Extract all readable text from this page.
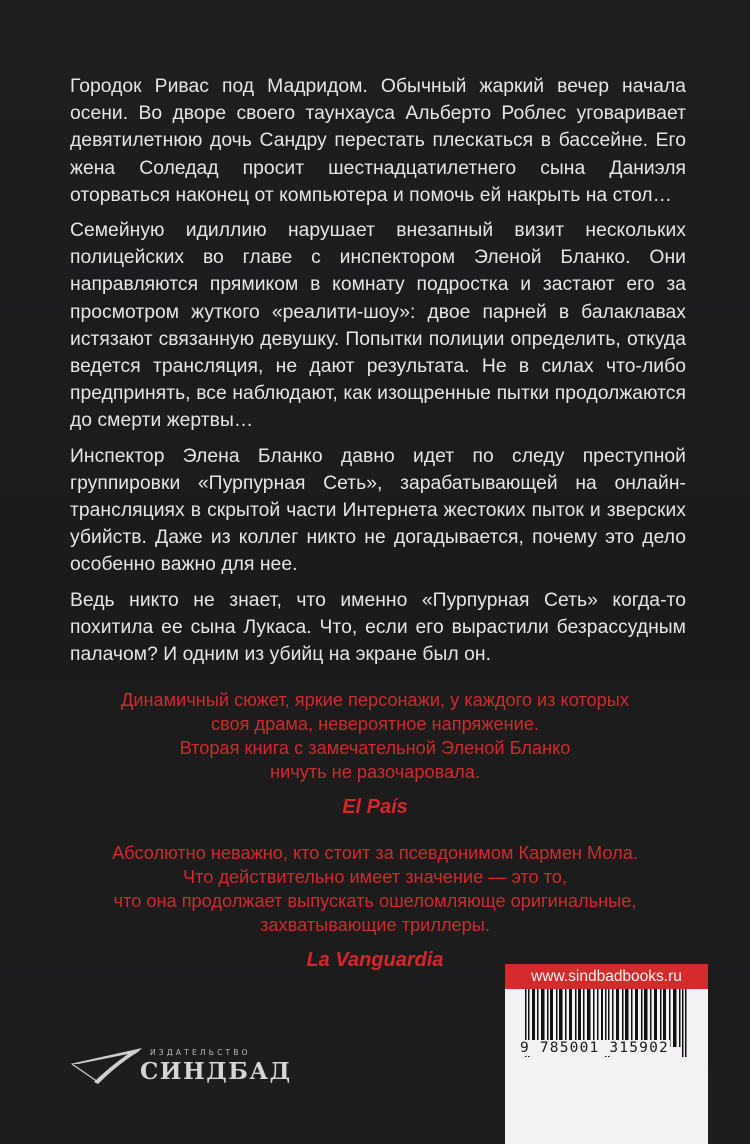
Городок Ривас под Мадридом. Обычный жаркий вечер начала осени. Во дворе своего таунхауса Альберто Роблес уговаривает девятилетнюю дочь Сандру перестать плескаться в бассейне. Его жена Соледад просит шестнадцатилетнего сына Даниэля оторваться наконец от компьютера и помочь ей накрыть на стол…

Семейную идиллию нарушает внезапный визит нескольких полицейских во главе с инспектором Эленой Бланко. Они направляются прямиком в комнату подростка и застают его за просмотром жуткого «реалити-шоу»: двое парней в балаклавах истязают связанную девушку. Попытки полиции определить, откуда ведется трансляция, не дают результата. Не в силах что-либо предпринять, все наблюдают, как изощренные пытки продолжаются до смерти жертвы…

Инспектор Элена Бланко давно идет по следу преступной группировки «Пурпурная Сеть», зарабатывающей на онлайн-трансляциях в скрытой части Интернета жестоких пыток и зверских убийств. Даже из коллег никто не догадывается, почему это дело особенно важно для нее.

Ведь никто не знает, что именно «Пурпурная Сеть» когда-то похитила ее сына Лукаса. Что, если его вырастили безрассудным палачом? И одним из убийц на экране был он.

Динамичный сюжет, яркие персонажи, у каждого из которых
своя драма, невероятное напряжение.
Вторая книга с замечательной Эленой Бланко
ничуть не разочаровала.
El País
Абсолютно неважно, кто стоит за псевдонимом Кармен Мола.
Что действительно имеет значение — это то,
что она продолжает выпускать ошеломляюще оригинальные,
захватывающие триллеры.
La Vanguardia
ИЗДАТЕЛЬСТВО
СИНДБАД
www.sindbadbooks.ru
9 785001 315902
